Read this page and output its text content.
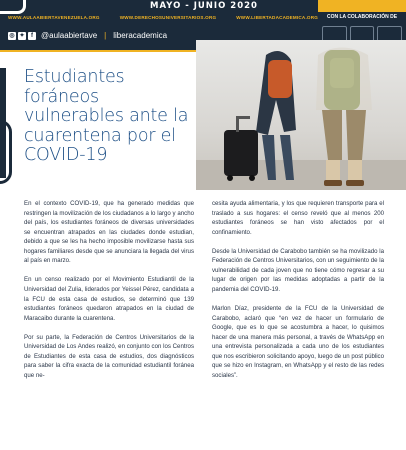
MAYO - JUNIO 2020
WWW.AULAABIERTAVENEZUELA.ORG	WWW.DERECHOSUNIVERSITARIOS.ORG	WWW.LIBERTADACADEMICA.ORG
◎ ✦	f	@aulaabiertave | liberacademica
CON LA COLABORACIÓN DE
Estudiantes foráneos vulnerables ante la cuarentena por el COVID-19

En el contexto COVID-19, que ha generado medidas que restringen la movilización de los ciudadanos a lo largo y ancho del país, los estudiantes foráneos de diversas universidades se encuentran atrapados en las ciudades donde estudian, debido a que se les ha hecho imposible movilizarse hasta sus hogares familiares desde que se anunciara la llegada del virus al país en marzo.

En un censo realizado por el Movimiento Estudiantil de la Universidad del Zulia, liderados por Yeissel Pérez, candidata a la FCU de esta casa de estudios, se determinó que 139 estudiantes foráneos quedaron atrapados en la ciudad de Maracaibo durante la cuarentena.

Por su parte, la Federación de Centros Universitarios de la Universidad de Los Andes realizó, en conjunto con los Centros de Estudiantes de esta casa de estudios, dos diagnósticos para saber la cifra exacta de la comunidad estudiantil foránea que ne-

cesita ayuda alimentaria, y los que requieren transporte para el traslado a sus hogares: el censo reveló que al menos 200 estudiantes foráneos se han visto afectados por el confinamiento.

Desde la Universidad de Carabobo también se ha movilizado la Federación de Centros Universitarios, con un seguimiento de la vulnerabilidad de cada joven que no tiene cómo regresar a su lugar de origen por las medidas adoptadas a partir de la pandemia del COVID-19.

Marlon Díaz, presidente de la FCU de la Universidad de Carabobo, aclaró que “en vez de hacer un formulario de Google, que es lo que se acostumbra a hacer, lo quisimos hacer de una manera más personal, a través de WhatsApp en una entrevista personalizada a cada uno de los estudiantes que nos escribieron solicitando apoyo, luego de un post público que se hizo en Instagram, en WhatsApp y el resto de las redes sociales”.
